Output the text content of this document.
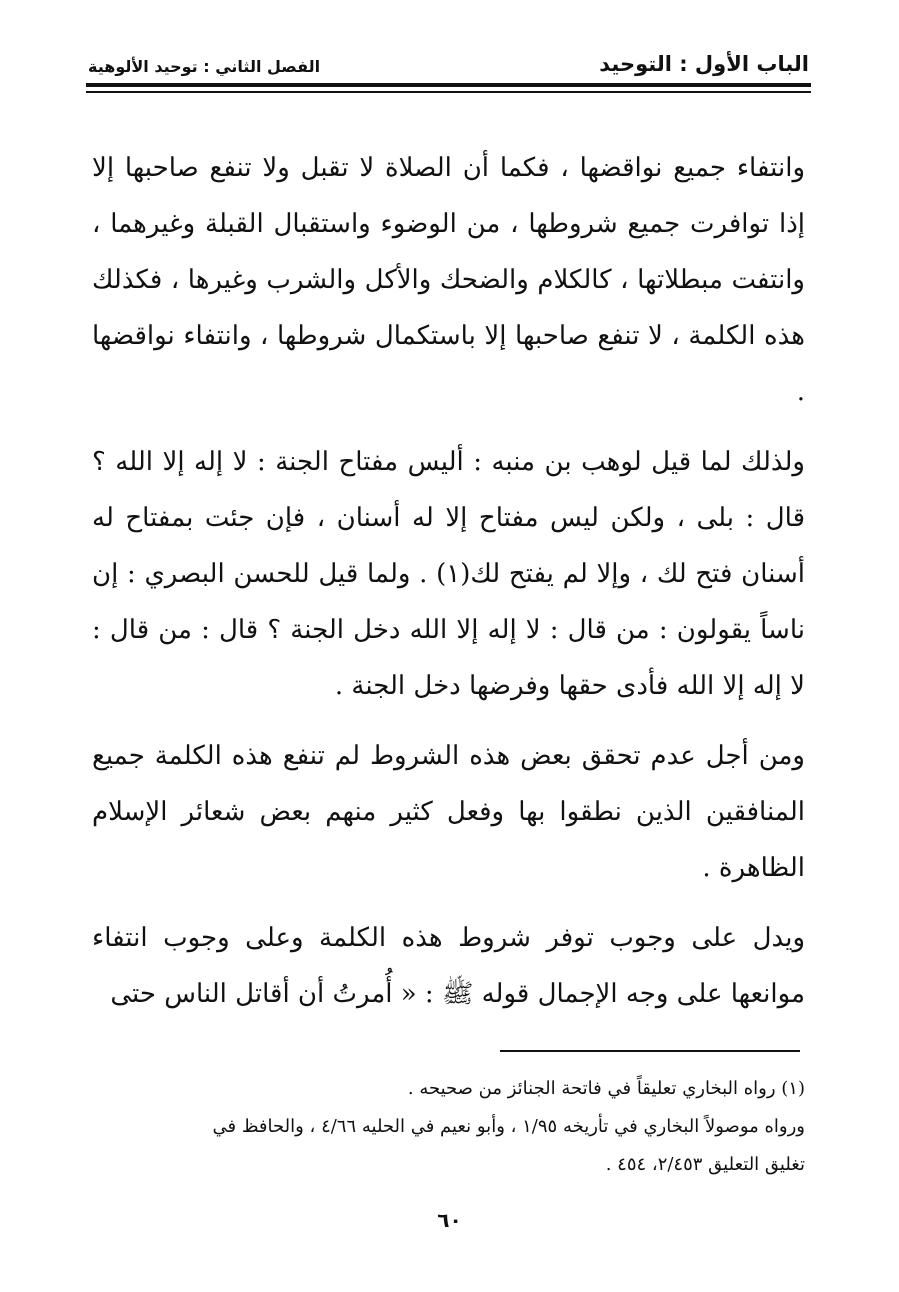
الباب الأول : التوحيد
الفصل الثاني : توحيد الألوهية

وانتفاء جميع نواقضها ، فكما أن الصلاة لا تقبل ولا تنفع صاحبها إلا إذا توافرت جميع شروطها ، من الوضوء واستقبال القبلة وغيرهما ، وانتفت مبطلاتها ، كالكلام والضحك والأكل والشرب وغيرها ، فكذلك هذه الكلمة ، لا تنفع صاحبها إلا باستكمال شروطها ، وانتفاء نواقضها .

ولذلك لما قيل لوهب بن منبه : أليس مفتاح الجنة : لا إله إلا الله ؟ قال : بلى ، ولكن ليس مفتاح إلا له أسنان ، فإن جئت بمفتاح له أسنان فتح لك ، وإلا لم يفتح لك(١) . ولما قيل للحسن البصري : إن ناساً يقولون : من قال : لا إله إلا الله دخل الجنة ؟ قال : من قال : لا إله إلا الله فأدى حقها وفرضها دخل الجنة .

ومن أجل عدم تحقق بعض هذه الشروط لم تنفع هذه الكلمة جميع المنافقين الذين نطقوا بها وفعل كثير منهم بعض شعائر الإسلام الظاهرة .

ويدل على وجوب توفر شروط هذه الكلمة وعلى وجوب انتفاء موانعها على وجه الإجمال قوله ﷺ : « أُمرتُ أن أقاتل الناس حتى

(١) رواه البخاري تعليقاً في فاتحة الجنائز من صحيحه .

ورواه موصولاً البخاري في تأريخه ١/٩٥ ، وأبو نعيم في الحليه ٤/٦٦ ، والحافظ في

تغليق التعليق ٢/٤٥٣، ٤٥٤ .

٦٠
